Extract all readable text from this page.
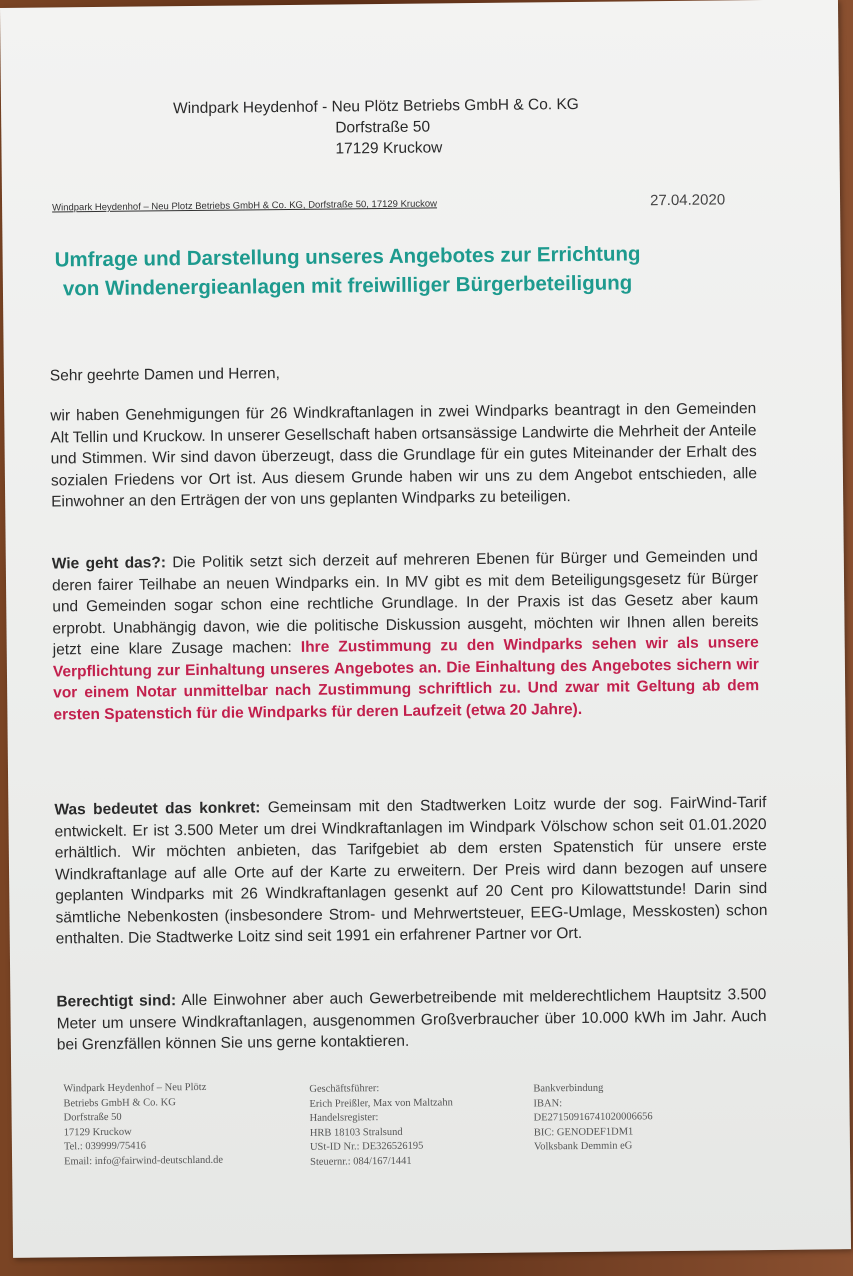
Windpark Heydenhof - Neu Plötz Betriebs GmbH & Co. KG
Dorfstraße 50
17129 Kruckow
Windpark Heydenhof – Neu Plotz Betriebs GmbH & Co. KG, Dorfstraße 50, 17129 Kruckow	27.04.2020
Umfrage und Darstellung unseres Angebotes zur Errichtung
von Windenergieanlagen mit freiwilliger Bürgerbeteiligung
Sehr geehrte Damen und Herren,
wir haben Genehmigungen für 26 Windkraftanlagen in zwei Windparks beantragt in den Gemeinden Alt Tellin und Kruckow. In unserer Gesellschaft haben ortsansässige Landwirte die Mehrheit der Anteile und Stimmen. Wir sind davon überzeugt, dass die Grundlage für ein gutes Miteinander der Erhalt des sozialen Friedens vor Ort ist. Aus diesem Grunde haben wir uns zu dem Angebot entschieden, alle Einwohner an den Erträgen der von uns geplanten Windparks zu beteiligen.
Wie geht das?: Die Politik setzt sich derzeit auf mehreren Ebenen für Bürger und Gemeinden und deren fairer Teilhabe an neuen Windparks ein. In MV gibt es mit dem Beteiligungsgesetz für Bürger und Gemeinden sogar schon eine rechtliche Grundlage. In der Praxis ist das Gesetz aber kaum erprobt. Unabhängig davon, wie die politische Diskussion ausgeht, möchten wir Ihnen allen bereits jetzt eine klare Zusage machen: Ihre Zustimmung zu den Windparks sehen wir als unsere Verpflichtung zur Einhaltung unseres Angebotes an. Die Einhaltung des Angebotes sichern wir vor einem Notar unmittelbar nach Zustimmung schriftlich zu. Und zwar mit Geltung ab dem ersten Spatenstich für die Windparks für deren Laufzeit (etwa 20 Jahre).
Was bedeutet das konkret: Gemeinsam mit den Stadtwerken Loitz wurde der sog. FairWind-Tarif entwickelt. Er ist 3.500 Meter um drei Windkraftanlagen im Windpark Völschow schon seit 01.01.2020 erhältlich. Wir möchten anbieten, das Tarifgebiet ab dem ersten Spatenstich für unsere erste Windkraftanlage auf alle Orte auf der Karte zu erweitern. Der Preis wird dann bezogen auf unsere geplanten Windparks mit 26 Windkraftanlagen gesenkt auf 20 Cent pro Kilowattstunde! Darin sind sämtliche Nebenkosten (insbesondere Strom- und Mehrwertsteuer, EEG-Umlage, Messkosten) schon enthalten. Die Stadtwerke Loitz sind seit 1991 ein erfahrener Partner vor Ort.
Berechtigt sind: Alle Einwohner aber auch Gewerbetreibende mit melderechtlichem Hauptsitz 3.500 Meter um unsere Windkraftanlagen, ausgenommen Großverbraucher über 10.000 kWh im Jahr. Auch bei Grenzfällen können Sie uns gerne kontaktieren.
Windpark Heydenhof – Neu Plötz
Betriebs GmbH & Co. KG
Dorfstraße 50
17129 Kruckow
Tel.: 039999/75416
Email: info@fairwind-deutschland.de
Geschäftsführer:
Erich Preißler, Max von Maltzahn
Handelsregister:
HRB 18103 Stralsund
USt-ID Nr.: DE326526195
Steuernr.: 084/167/1441
Bankverbindung
IBAN:
DE27150916741020006656
BIC: GENODEF1DM1
Volksbank Demmin eG
